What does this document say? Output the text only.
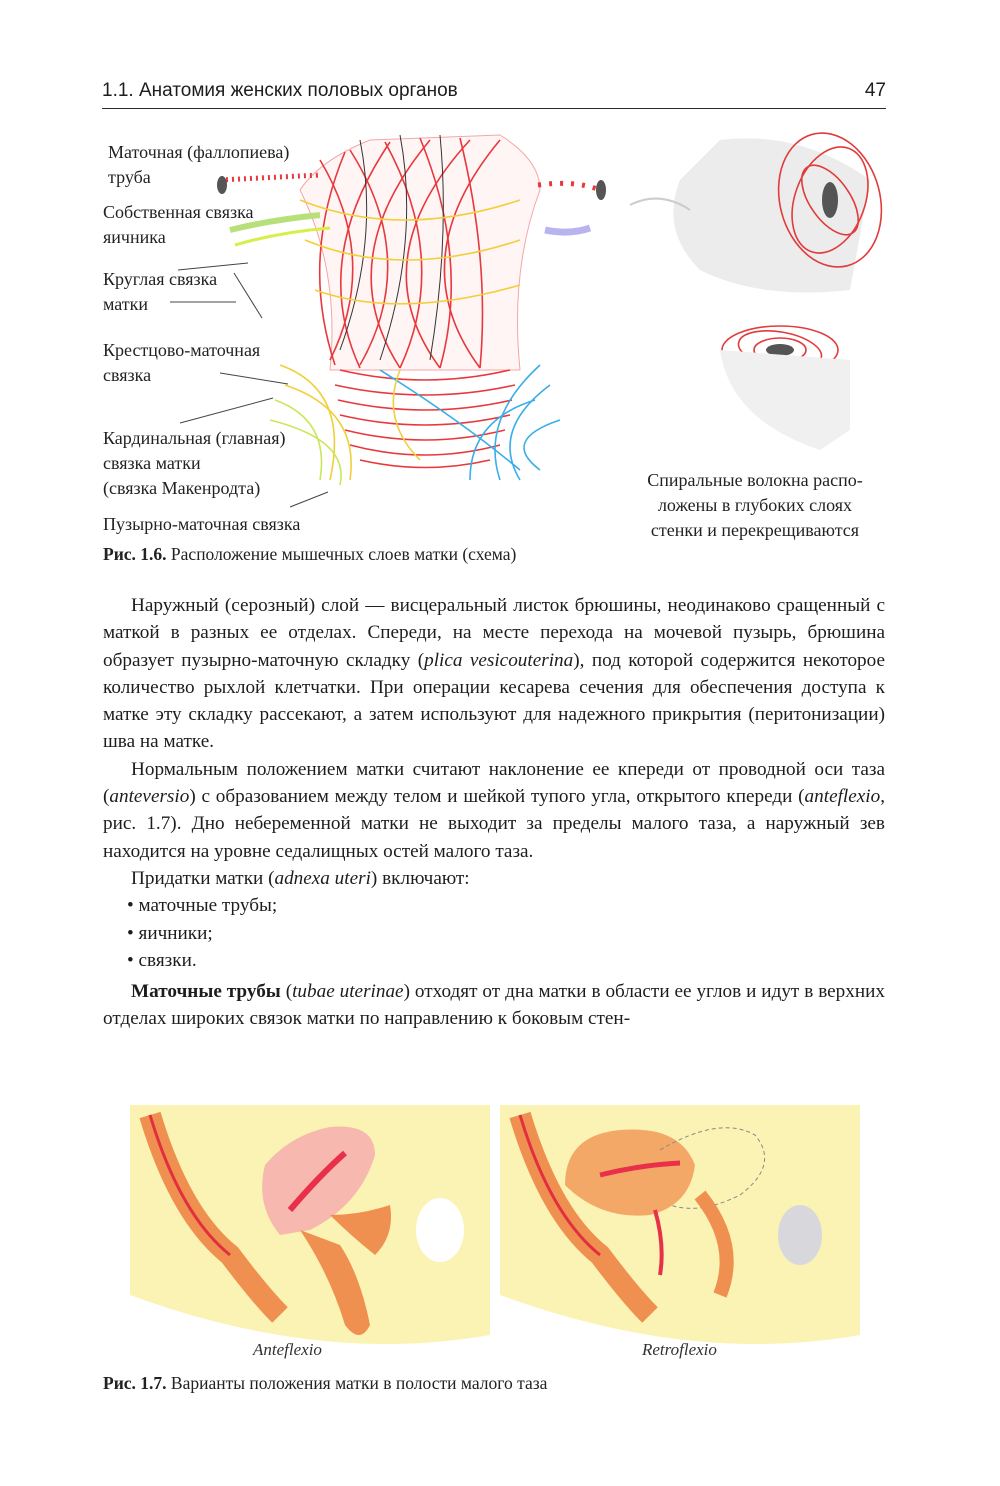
1.1. Анатомия женских половых органов	47
Маточная (фаллопиева)
труба
Собственная связка
яичника
Круглая связка
матки
Крестцово-маточная
связка
Кардинальная (главная)
связка матки
(связка Макенродта)
Пузырно-маточная связка
Спиральные волокна распо-
ложены в глубоких слоях
стенки и перекрещиваются
Рис. 1.6. Расположение мышечных слоев матки (схема)

Наружный (серозный) слой — висцеральный листок брюшины, неодинаково сращенный с маткой в разных ее отделах. Спереди, на месте перехода на мочевой пузырь, брюшина образует пузырно-маточную складку (plica vesicouterina), под которой содержится некоторое количество рыхлой клетчатки. При операции кесарева сечения для обеспечения доступа к матке эту складку рассекают, а затем используют для надежного прикрытия (перитонизации) шва на матке.

Нормальным положением матки считают наклонение ее кпереди от проводной оси таза (anteversio) с образованием между телом и шейкой тупого угла, открытого кпереди (anteflexio, рис. 1.7). Дно небеременной матки не выходит за пределы малого таза, а наружный зев находится на уровне седалищных остей малого таза.

Придатки матки (adnexa uteri) включают:

• маточные трубы;

• яичники;

• связки.

Маточные трубы (tubae uterinae) отходят от дна матки в области ее углов и идут в верхних отделах широких связок матки по направлению к боковым стен-

Anteflexio	Retroflexio
Рис. 1.7. Варианты положения матки в полости малого таза
